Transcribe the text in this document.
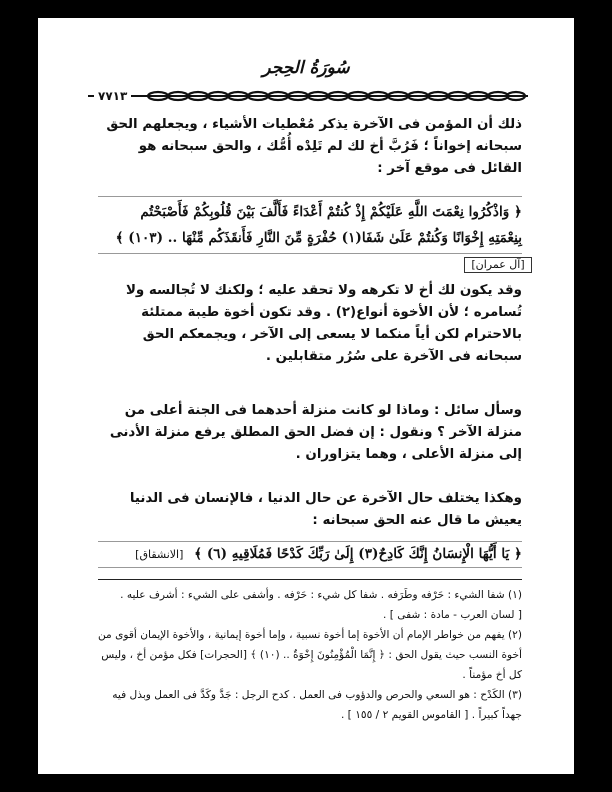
سُورَةُ الحِجر
٧٧١٣

ذلك أن المؤمن فى الآخرة يذكر مُعْطيات الأشياء ، ويجعلهم الحق سبحانه إخواناً ؛ فَرُبَّ أخ لك لم تَلِدْه أُمُّك ، والحق سبحانه هو القائل فى موقع آخر :

﴿ وَاذْكُرُوا نِعْمَتَ اللَّهِ عَلَيْكُمْ إِذْ كُنتُمْ أَعْدَاءً فَأَلَّفَ بَيْنَ قُلُوبِكُمْ فَأَصْبَحْتُم
بِنِعْمَتِهِ إِخْوَانًا وَكُنتُمْ عَلَىٰ شَفَا(١) حُفْرَةٍ مِّنَ النَّارِ فَأَنقَذَكُم مِّنْهَا .. (١٠٣) ﴾
[آل عمران]

وقد يكون لك أخ لا تكرهه ولا تحقد عليه ؛ ولكنك لا تُجالسه ولا تُسامره ؛ لأن الأخوة أنواع(٢) . وقد تكون أخوة طيبة ممتلئة بالاحترام لكن أياً منكما لا يسعى إلى الآخر ، ويجمعكم الحق سبحانه فى الآخرة على سُرُر متقابلين .

وسأل سائل : وماذا لو كانت منزلة أحدهما فى الجنة أعلى من منزلة الآخر ؟ ونقول : إن فضل الحق المطلق يرفع منزلة الأدنى إلى منزلة الأعلى ، وهما يتزاوران .

وهكذا يختلف حال الآخرة عن حال الدنيا ، فالإنسان فى الدنيا يعيش ما قال عنه الحق سبحانه :

﴿ يَا أَيُّهَا الْإِنسَانُ إِنَّكَ كَادِحٌ(٣) إِلَىٰ رَبِّكَ كَدْحًا فَمُلَاقِيهِ (٦) ﴾ [الانشقاق]

(١) شفا الشيء : حَرْفه وطَرَفه . شفا كل شيء : حَرْفه . وأشفى على الشيء : أشرف عليه .

[ لسان العرب - مادة : شفى ] .

(٢) يفهم من خواطر الإمام أن الأخوة إما أخوة نسبية ، وإما أخوة إيمانية ، والأخوة الإيمان أقوى من أخوة النسب حيث يقول الحق : ﴿ إِنَّمَا الْمُؤْمِنُونَ إِخْوَةٌ .. (١٠) ﴾ [الحجرات] فكل مؤمن أخ ، وليس كل أخ مؤمناً .

(٣) الكَدْح : هو السعي والحرص والدؤوب فى العمل . كدح الرجل : جَدَّ وكَدَّ فى العمل وبذل فيه جهداً كبيراً . [ القاموس القويم ٢ / ١٥٥ ] .
